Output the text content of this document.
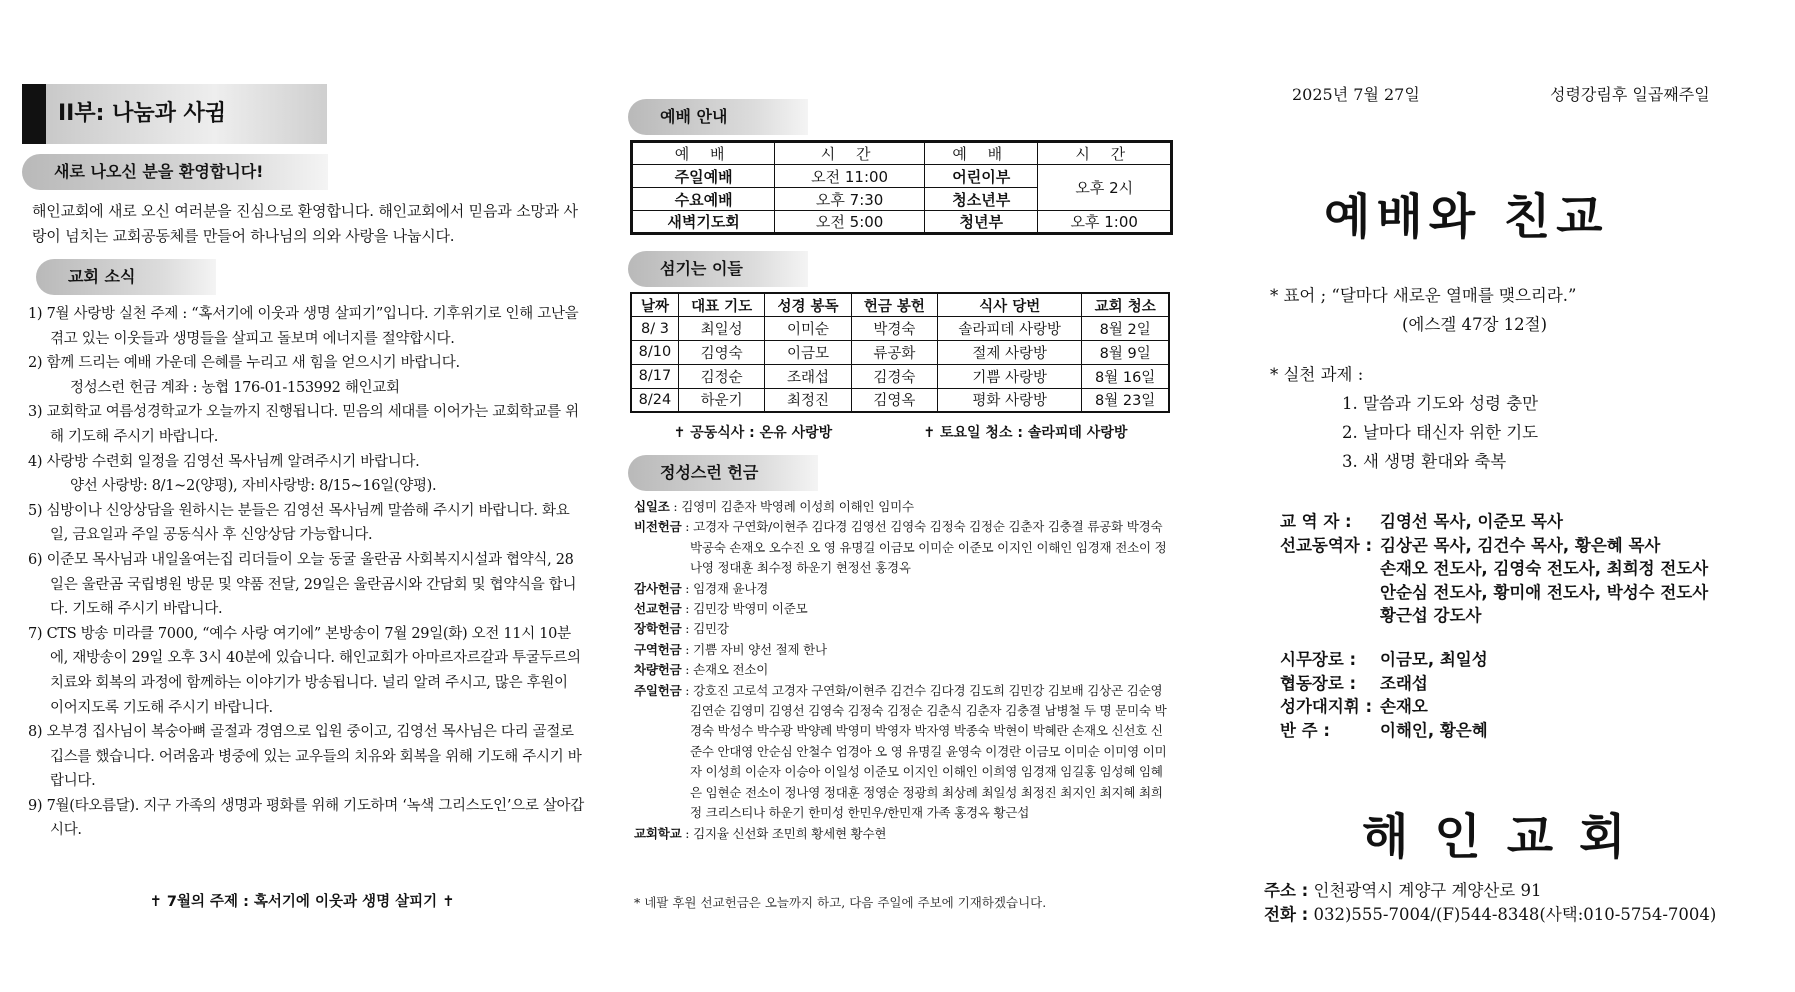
II부: 나눔과 사귐
새로 나오신 분을 환영합니다!
해인교회에 새로 오신 여러분을 진심으로 환영합니다. 해인교회에서 믿음과 소망과 사랑이 넘치는 교회공동체를 만들어 하나님의 의와 사랑을 나눕시다.
교회 소식
1) 7월 사랑방 실천 주제 : “혹서기에 이웃과 생명 살피기”입니다. 기후위기로 인해 고난을 겪고 있는 이웃들과 생명들을 살피고 돌보며 에너지를 절약합시다.
2) 함께 드리는 예배 가운데 은혜를 누리고 새 힘을 얻으시기 바랍니다.
정성스런 헌금 계좌 : 농협 176-01-153992 해인교회
3) 교회학교 여름성경학교가 오늘까지 진행됩니다. 믿음의 세대를 이어가는 교회학교를 위해 기도해 주시기 바랍니다.
4) 사랑방 수련회 일정을 김영선 목사님께 알려주시기 바랍니다.
양선 사랑방: 8/1~2(양평), 자비사랑방: 8/15~16일(양평).
5) 심방이나 신앙상담을 원하시는 분들은 김영선 목사님께 말씀해 주시기 바랍니다. 화요일, 금요일과 주일 공동식사 후 신앙상담 가능합니다.
6) 이준모 목사님과 내일올여는집 리더들이 오늘 동굴 울란곰 사회복지시설과 협약식, 28일은 울란곰 국립병원 방문 및 약품 전달, 29일은 울란곰시와 간담회 및 협약식을 합니다. 기도해 주시기 바랍니다.
7) CTS 방송 미라클 7000, “예수 사랑 여기에” 본방송이 7월 29일(화) 오전 11시 10분에, 재방송이 29일 오후 3시 40분에 있습니다. 해인교회가 아마르자르갈과 투굴두르의 치료와 회복의 과정에 함께하는 이야기가 방송됩니다. 널리 알려 주시고, 많은 후원이 이어지도록 기도해 주시기 바랍니다.
8) 오부경 집사님이 복숭아뼈 골절과 경염으로 입원 중이고, 김영선 목사님은 다리 골절로 깁스를 했습니다. 어려움과 병중에 있는 교우들의 치유와 회복을 위해 기도해 주시기 바랍니다.
9) 7월(타오름달). 지구 가족의 생명과 평화를 위해 기도하며 ‘녹색 그리스도인’으로 살아갑시다.
✝ 7월의 주제 : 혹서기에 이웃과 생명 살피기 ✝
예배 안내
예 배	시 간	예 배	시 간
주일예배	오전 11:00	어린이부	오후 2시
수요예배	오후 7:30	청소년부	
새벽기도회	오전 5:00	청년부	오후 1:00
섬기는 이들
날짜	대표 기도	성경 봉독	헌금 봉헌	식사 당번	교회 청소
8/ 3	최일성	이미순	박경숙	솔라피데 사랑방	8월 2일
8/10	김영숙	이금모	류공화	절제 사랑방	8월 9일
8/17	김정순	조래섭	김경숙	기쁨 사랑방	8월 16일
8/24	하운기	최정진	김영옥	평화 사랑방	8월 23일
✝ 공동식사 : 온유 사랑방	✝ 토요일 청소 : 솔라피데 사랑방
정성스런 헌금

십일조 : 김영미 김춘자 박영례 이성희 이해인 임미수

비전헌금 : 고경자 구연화/이현주 김다경 김영선 김영숙 김정숙 김정순 김춘자 김충결 류공화 박경숙 박공숙 손재오 오수진 오 영 유명길 이금모 이미순 이준모 이지인 이해인 임경재 전소이 정나영 정대훈 최수정 하운기 현정선 홍경옥

감사헌금 : 임경재 윤나경

선교헌금 : 김민강 박영미 이준모

장학헌금 : 김민강

구역헌금 : 기쁨 자비 양선 절제 한나

차량헌금 : 손재오 전소이

주일헌금 : 강호진 고로석 고경자 구연화/이현주 김건수 김다경 김도희 김민강 김보배 김상곤 김순영 김연순 김영미 김영선 김영숙 김정숙 김정순 김춘식 김춘자 김충결 남병철 두 명 문미숙 박경숙 박성수 박수광 박양례 박영미 박영자 박자영 박종숙 박현이 박혜란 손재오 신선호 신준수 안대영 안순심 안철수 엄경아 오 영 유명길 윤영숙 이경란 이금모 이미순 이미영 이미자 이성희 이순자 이승아 이일성 이준모 이지인 이해인 이희영 임경재 임길홍 임성혜 임혜은 임현순 전소이 정나영 정대훈 정영순 정광희 최상례 최일성 최정진 최지인 최지혜 최희정 크리스티나 하운기 한미성 한민우/한민재 가족 홍경옥 황근섭

교회학교 : 김지율 신선화 조민희 황세현 황수현

* 네팔 후원 선교헌금은 오늘까지 하고, 다음 주일에 주보에 기재하겠습니다.
2025년 7월 27일	성령강림후 일곱째주일
예배와 친교
* 표어 ; “달마다 새로운 열매를 맺으리라.”
(에스겔 47장 12절)
* 실천 과제 :
1. 말씀과 기도와 성령 충만
2. 날마다 태신자 위한 기도
3. 새 생명 환대와 축복
교 역 자 :	김영선 목사, 이준모 목사
선교동역자 : 김상곤 목사, 김건수 목사, 황은혜 목사
손재오 전도사, 김영숙 전도사, 최희정 전도사
안순심 전도사, 황미애 전도사, 박성수 전도사
황근섭 강도사
시무장로 :	이금모, 최일성
협동장로 :	조래섭
성가대지휘 : 손재오
반 주 :	이해인, 황은혜
해인교회
주소 : 인천광역시 계양구 계양산로 91
전화 : 032)555-7004/(F)544-8348(사택:010-5754-7004)
